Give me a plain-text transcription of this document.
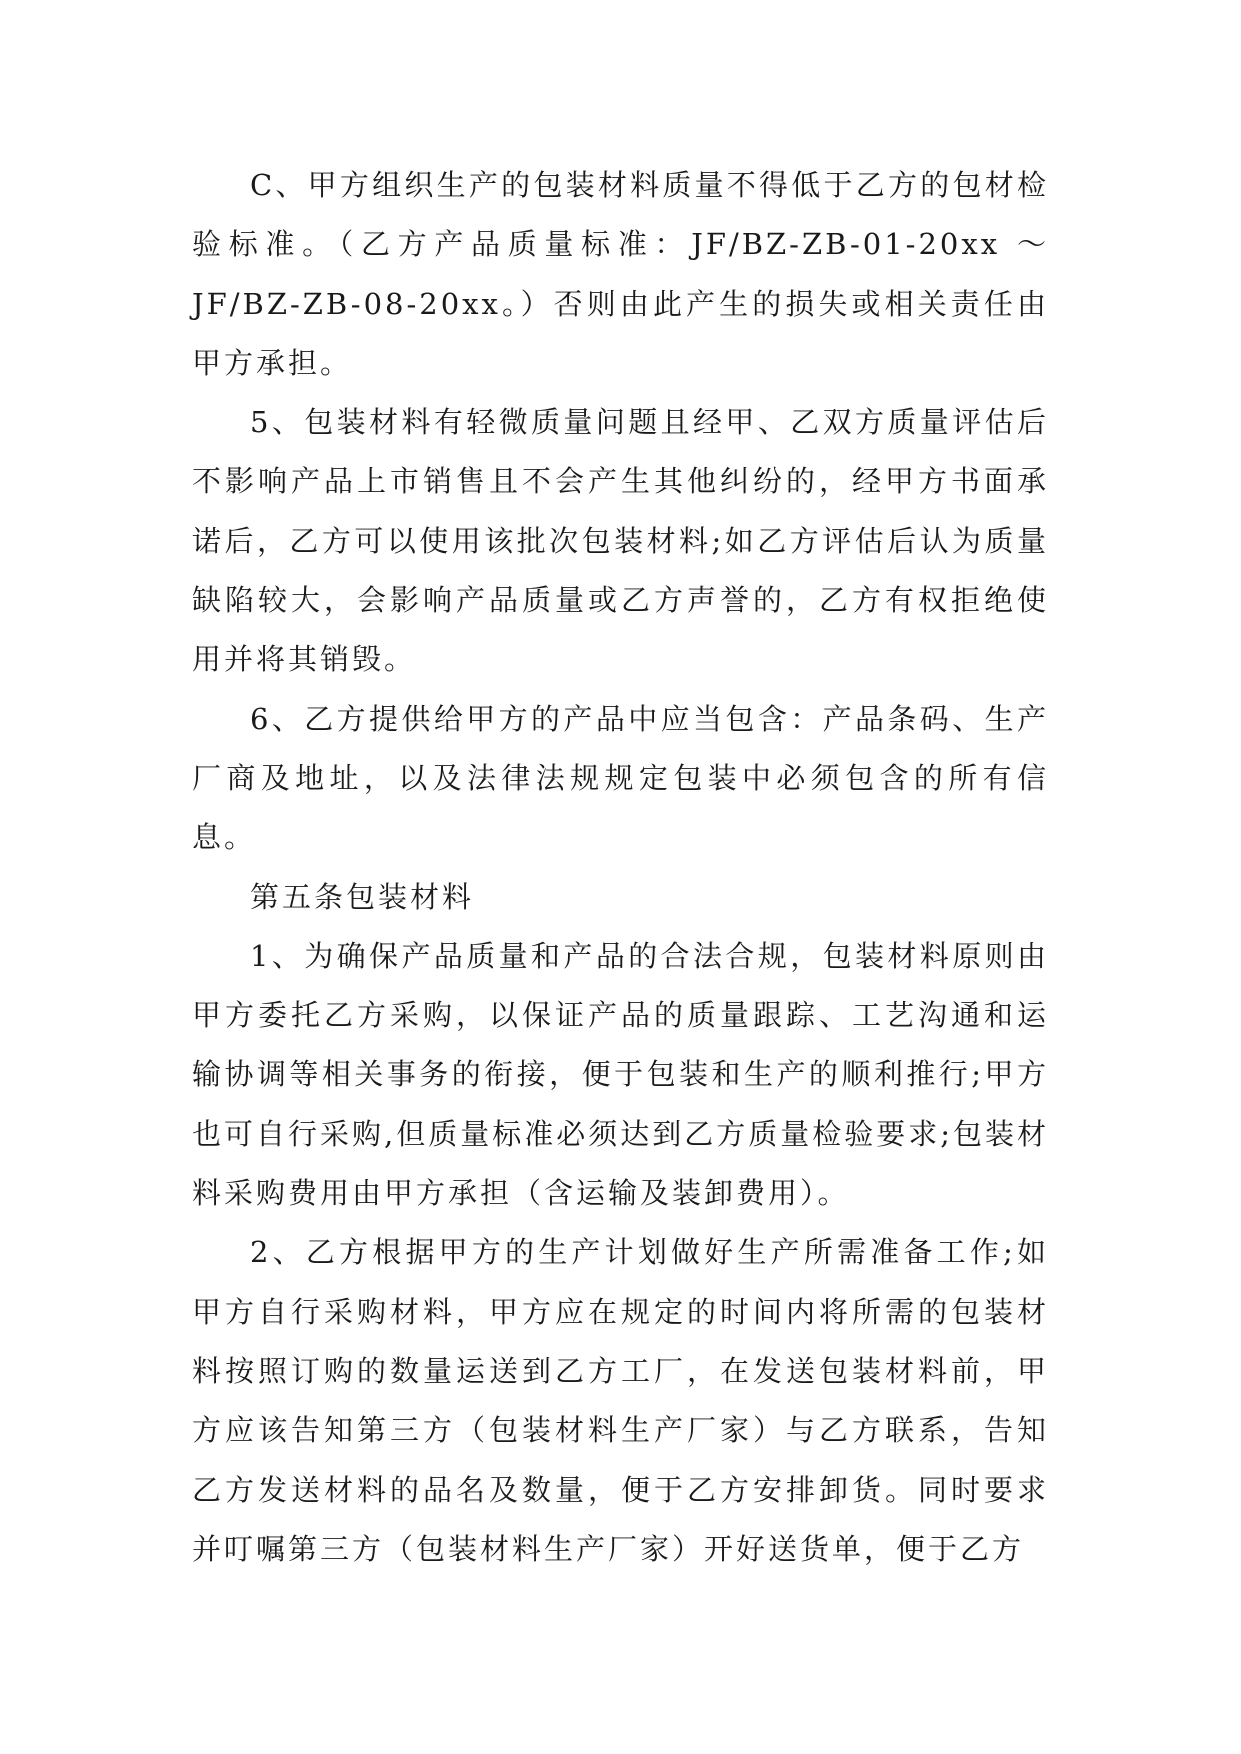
C、甲方组织生产的包装材料质量不得低于乙方的包材检验标准。（乙方产品质量标准：JF/BZ-ZB-01-20xx ～ JF/BZ-ZB-08-20xx。）否则由此产生的损失或相关责任由甲方承担。

5、包装材料有轻微质量问题且经甲、乙双方质量评估后不影响产品上市销售且不会产生其他纠纷的，经甲方书面承诺后，乙方可以使用该批次包装材料;如乙方评估后认为质量缺陷较大，会影响产品质量或乙方声誉的，乙方有权拒绝使用并将其销毁。

6、乙方提供给甲方的产品中应当包含：产品条码、生产厂商及地址，以及法律法规规定包装中必须包含的所有信息。

第五条包装材料

1、为确保产品质量和产品的合法合规，包装材料原则由甲方委托乙方采购，以保证产品的质量跟踪、工艺沟通和运输协调等相关事务的衔接，便于包装和生产的顺利推行;甲方也可自行采购,但质量标准必须达到乙方质量检验要求;包装材料采购费用由甲方承担（含运输及装卸费用）。

2、乙方根据甲方的生产计划做好生产所需准备工作;如甲方自行采购材料，甲方应在规定的时间内将所需的包装材料按照订购的数量运送到乙方工厂，在发送包装材料前，甲方应该告知第三方（包装材料生产厂家）与乙方联系，告知乙方发送材料的品名及数量，便于乙方安排卸货。同时要求并叮嘱第三方（包装材料生产厂家）开好送货单，便于乙方
